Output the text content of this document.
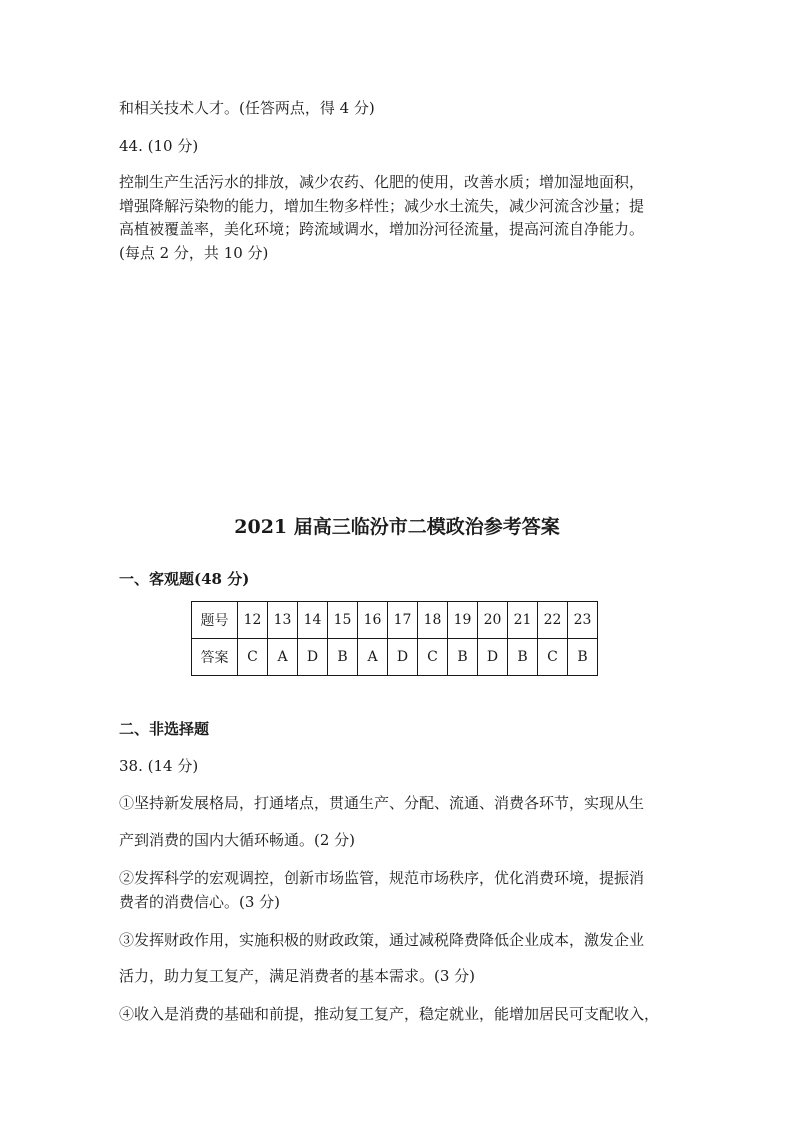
和相关技术人才。(任答两点，得 4 分)
44. (10 分)
控制生产生活污水的排放，减少农药、化肥的使用，改善水质；增加湿地面积，
增强降解污染物的能力，增加生物多样性；减少水土流失，减少河流含沙量；提
高植被覆盖率，美化环境；跨流域调水，增加汾河径流量，提高河流自净能力。
(每点 2 分，共 10 分)
2021 届高三临汾市二模政治参考答案
一、客观题(48 分)
题号	12	13	14	15	16	17	18	19	20	21	22	23
答案	C	A	D	B	A	D	C	B	D	B	C	B
二、非选择题
38. (14 分)
①坚持新发展格局，打通堵点，贯通生产、分配、流通、消费各环节，实现从生
产到消费的国内大循环畅通。(2 分)
②发挥科学的宏观调控，创新市场监管，规范市场秩序，优化消费环境，提振消
费者的消费信心。(3 分)
③发挥财政作用，实施积极的财政政策，通过减税降费降低企业成本，激发企业
活力，助力复工复产，满足消费者的基本需求。(3 分)
④收入是消费的基础和前提，推动复工复产，稳定就业，能增加居民可支配收入，
